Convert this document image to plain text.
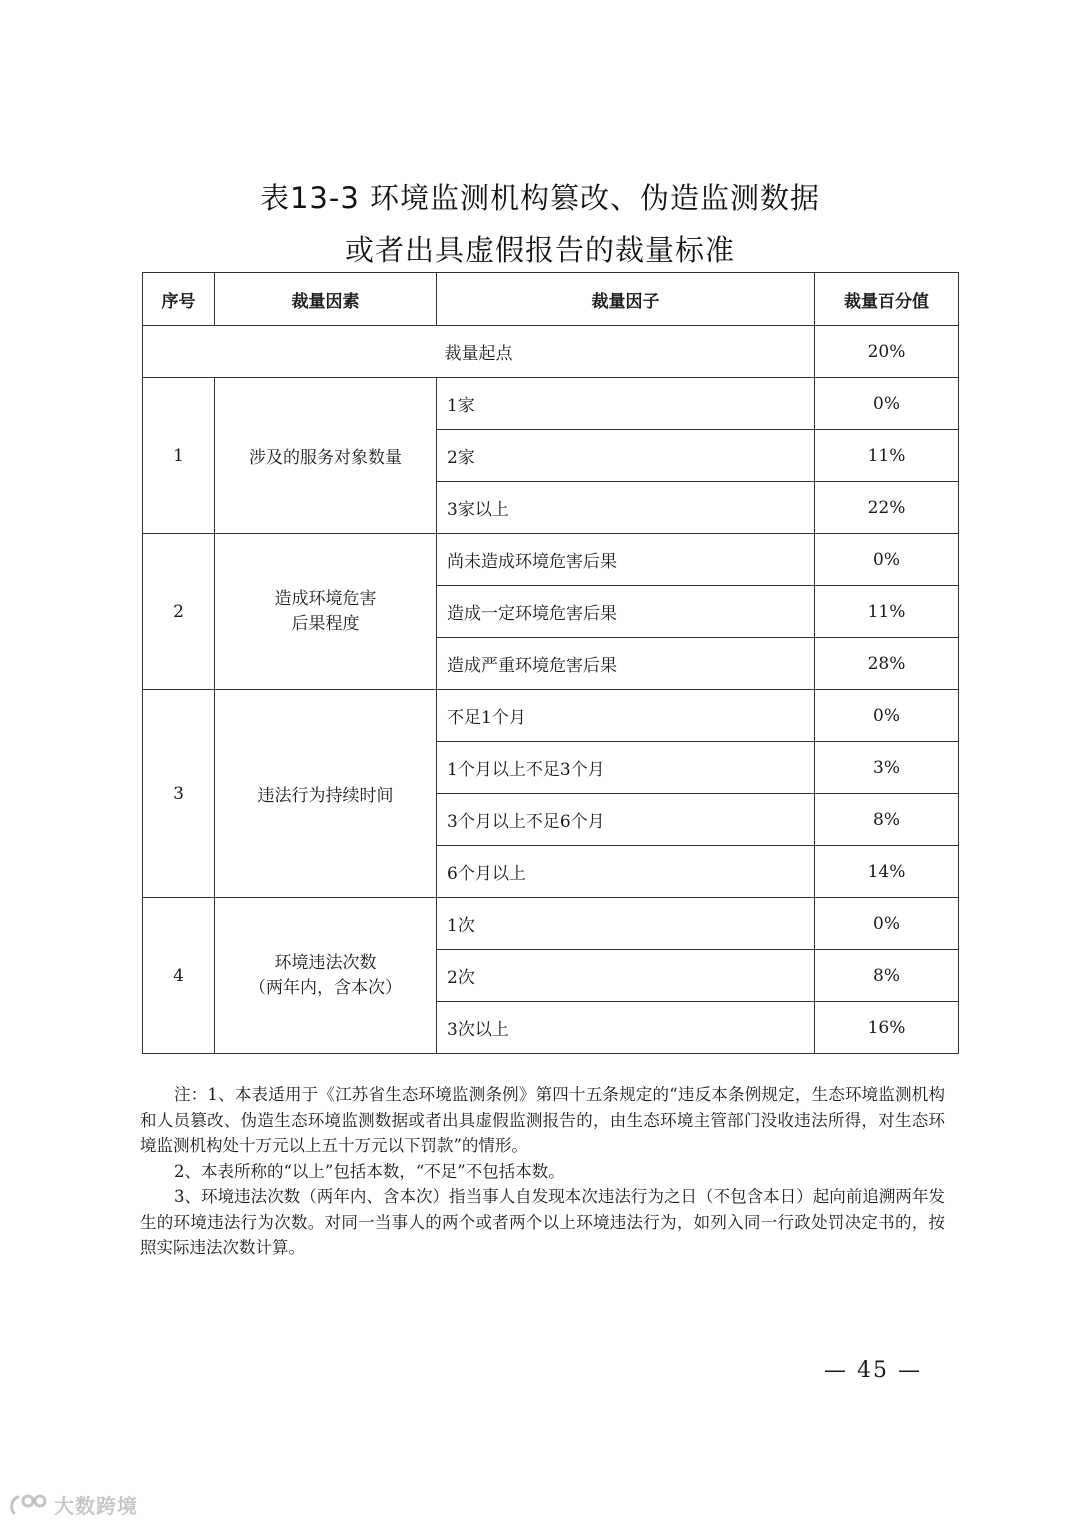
表13-3 环境监测机构篡改、伪造监测数据
或者出具虚假报告的裁量标准
序号	裁量因素	裁量因子	裁量百分值
裁量起点			20%
1	涉及的服务对象数量	1家	0%
		2家	11%
		3家以上	22%
2	造成环境危害
后果程度	尚未造成环境危害后果	0%
		造成一定环境危害后果	11%
		造成严重环境危害后果	28%
3	违法行为持续时间	不足1个月	0%
		1个月以上不足3个月	3%
		3个月以上不足6个月	8%
		6个月以上	14%
4	环境违法次数
（两年内，含本次）	1次	0%
		2次	8%
		3次以上	16%

注：1、本表适用于《江苏省生态环境监测条例》第四十五条规定的“违反本条例规定，生态环境监测机构和人员篡改、伪造生态环境监测数据或者出具虚假监测报告的，由生态环境主管部门没收违法所得，对生态环境监测机构处十万元以上五十万元以下罚款”的情形。

2、本表所称的“以上”包括本数，“不足”不包括本数。

3、环境违法次数（两年内、含本次）指当事人自发现本次违法行为之日（不包含本日）起向前追溯两年发生的环境违法行为次数。对同一当事人的两个或者两个以上环境违法行为，如列入同一行政处罚决定书的，按照实际违法次数计算。

— 45 —
大数跨境
